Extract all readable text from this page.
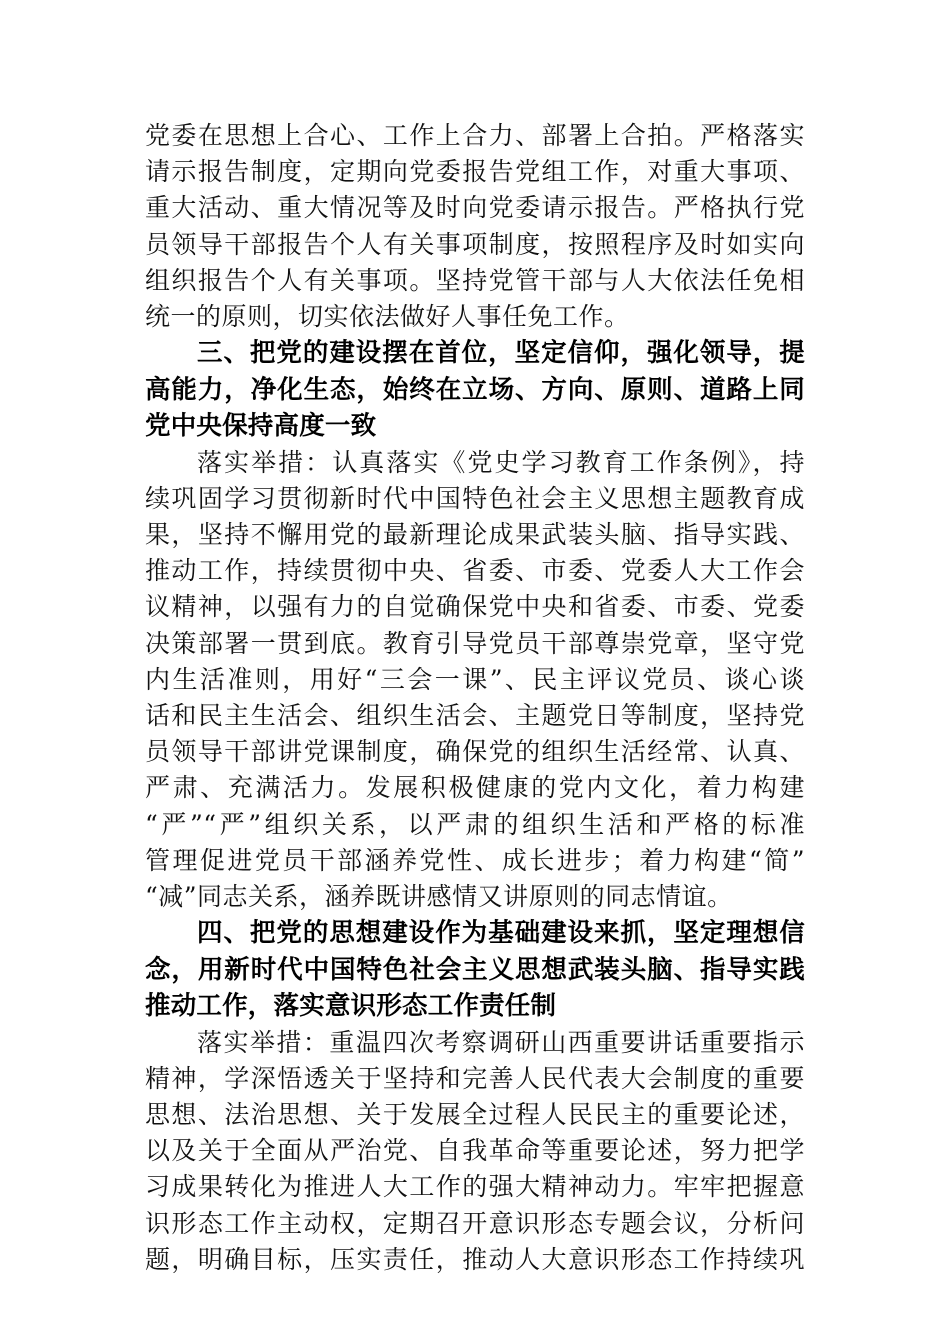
党委在思想上合心、工作上合力、部署上合拍。严格落实
请示报告制度，定期向党委报告党组工作，对重大事项、
重大活动、重大情况等及时向党委请示报告。严格执行党
员领导干部报告个人有关事项制度，按照程序及时如实向
组织报告个人有关事项。坚持党管干部与人大依法任免相
统一的原则，切实依法做好人事任免工作。
三、把党的建设摆在首位，坚定信仰，强化领导，提
高能力，净化生态，始终在立场、方向、原则、道路上同
党中央保持高度一致
落实举措：认真落实《党史学习教育工作条例》，持
续巩固学习贯彻新时代中国特色社会主义思想主题教育成
果，坚持不懈用党的最新理论成果武装头脑、指导实践、
推动工作，持续贯彻中央、省委、市委、党委人大工作会
议精神，以强有力的自觉确保党中央和省委、市委、党委
决策部署一贯到底。教育引导党员干部尊崇党章，坚守党
内生活准则，用好“三会一课”、民主评议党员、谈心谈
话和民主生活会、组织生活会、主题党日等制度，坚持党
员领导干部讲党课制度，确保党的组织生活经常、认真、
严肃、充满活力。发展积极健康的党内文化，着力构建
“严”“严”组织关系，以严肃的组织生活和严格的标准
管理促进党员干部涵养党性、成长进步；着力构建“简”
“减”同志关系，涵养既讲感情又讲原则的同志情谊。
四、把党的思想建设作为基础建设来抓，坚定理想信
念，用新时代中国特色社会主义思想武装头脑、指导实践
推动工作，落实意识形态工作责任制
落实举措：重温四次考察调研山西重要讲话重要指示
精神，学深悟透关于坚持和完善人民代表大会制度的重要
思想、法治思想、关于发展全过程人民民主的重要论述，
以及关于全面从严治党、自我革命等重要论述，努力把学
习成果转化为推进人大工作的强大精神动力。牢牢把握意
识形态工作主动权，定期召开意识形态专题会议，分析问
题，明确目标，压实责任，推动人大意识形态工作持续巩
